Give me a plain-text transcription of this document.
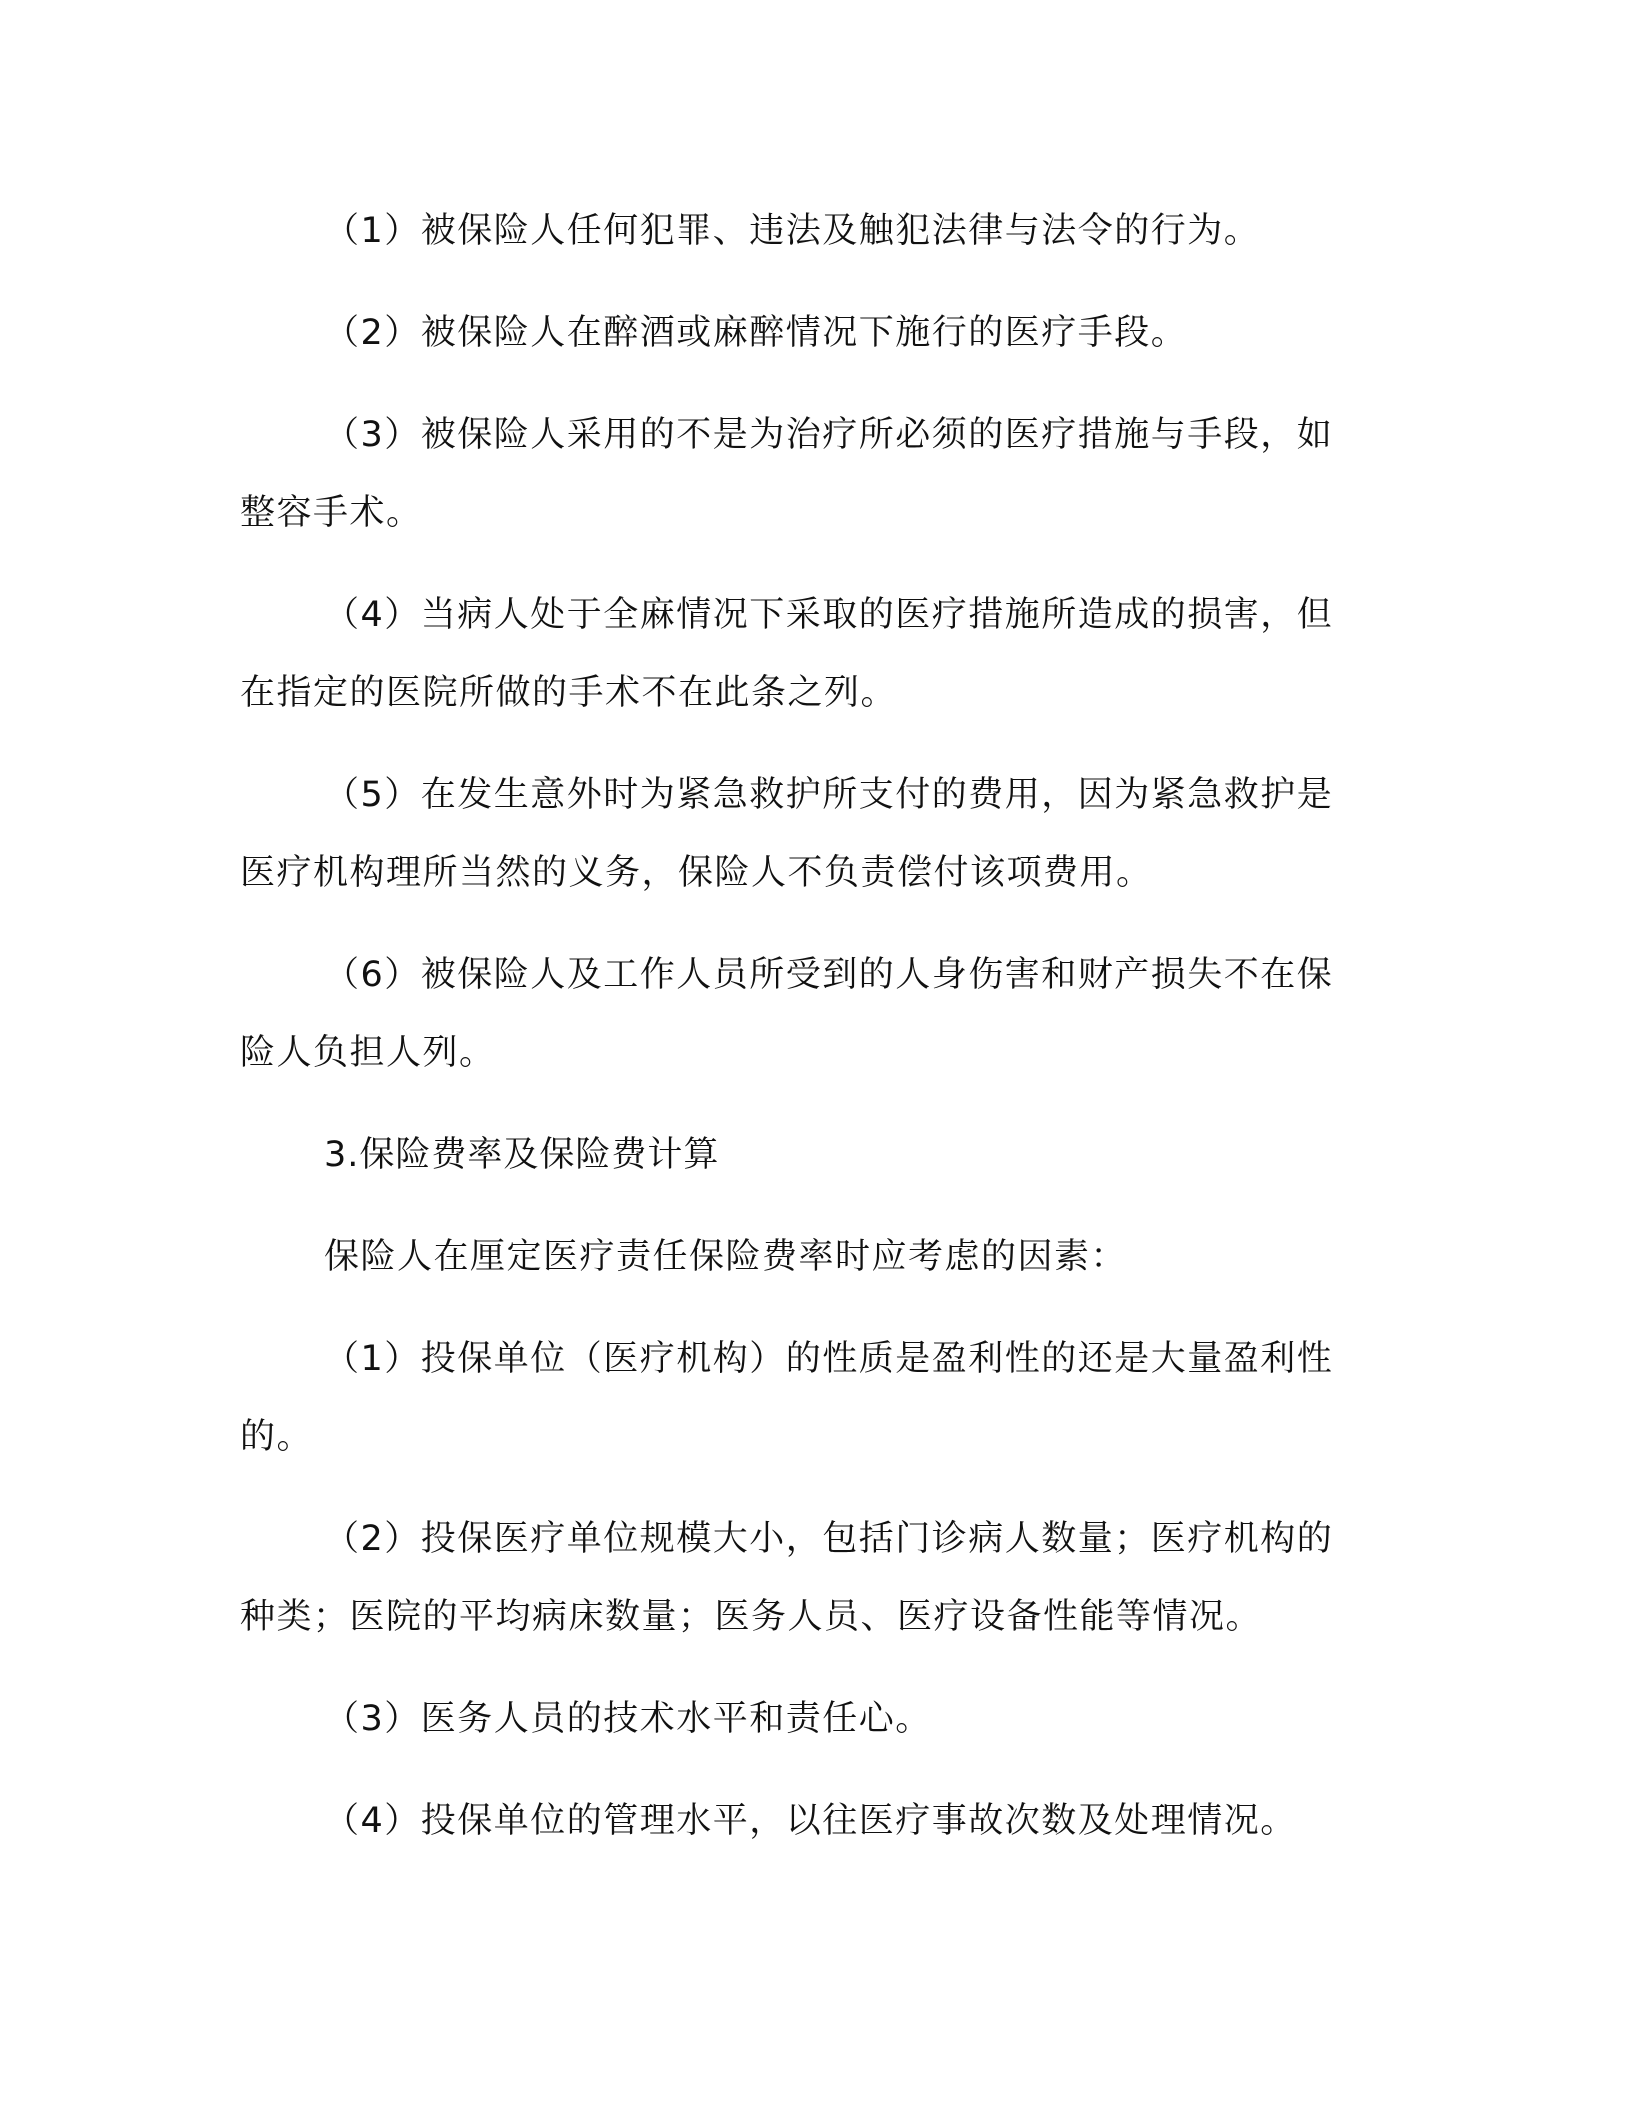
（1）被保险人任何犯罪、违法及触犯法律与法令的行为。

（2）被保险人在醉酒或麻醉情况下施行的医疗手段。

（3）被保险人采用的不是为治疗所必须的医疗措施与手段，如整容手术。

（4）当病人处于全麻情况下采取的医疗措施所造成的损害，但在指定的医院所做的手术不在此条之列。

（5）在发生意外时为紧急救护所支付的费用，因为紧急救护是医疗机构理所当然的义务，保险人不负责偿付该项费用。

（6）被保险人及工作人员所受到的人身伤害和财产损失不在保险人负担人列。

3.保险费率及保险费计算

保险人在厘定医疗责任保险费率时应考虑的因素：

（1）投保单位（医疗机构）的性质是盈利性的还是大量盈利性的。

（2）投保医疗单位规模大小，包括门诊病人数量；医疗机构的种类；医院的平均病床数量；医务人员、医疗设备性能等情况。

（3）医务人员的技术水平和责任心。

（4）投保单位的管理水平，以往医疗事故次数及处理情况。
